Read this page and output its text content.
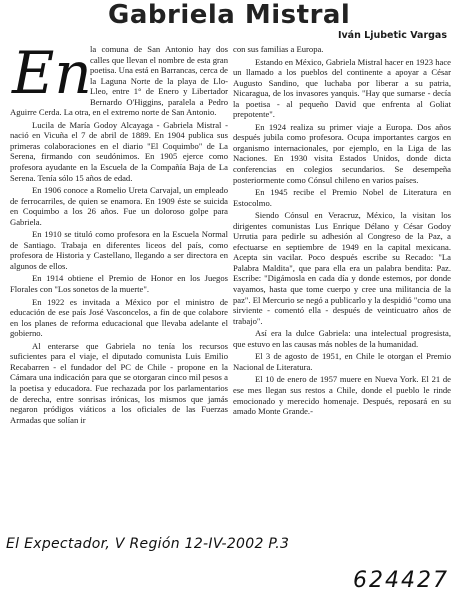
Gabriela Mistral
Iván Ljubetic Vargas
En

la comuna de San Antonio hay dos calles que llevan el nombre de esta gran poetisa. Una está en Barrancas, cerca de la Laguna Norte de la playa de Llo-Lleo, entre 1° de Enero y Libertador Bernardo O'Higgins, paralela a Pedro Aguirre Cerda. La otra, en el extremo norte de San Antonio.

Lucila de María Godoy Alcayaga - Gabriela Mistral - nació en Vicuña el 7 de abril de 1889. En 1904 publica sus primeras colaboraciones en el diario "El Coquimbo" de La Serena, firmando con seudónimos. En 1905 ejerce como profesora ayudante en la Escuela de la Compañía Baja de La Serena. Tenía sólo 15 años de edad.

En 1906 conoce a Romelio Ureta Carvajal, un empleado de ferrocarriles, de quien se enamora. En 1909 éste se suicida en Coquimbo a los 26 años. Fue un doloroso golpe para Gabriela.

En 1910 se tituló como profesora en la Escuela Normal de Santiago. Trabaja en diferentes liceos del país, como profesora de Historia y Castellano, llegando a ser directora en algunos de ellos.

En 1914 obtiene el Premio de Honor en los Juegos Florales con "Los sonetos de la muerte".

En 1922 es invitada a México por el ministro de educación de ese país José Vasconcelos, a fin de que colabore en los planes de reforma educacional que llevaba adelante el gobierno.

Al enterarse que Gabriela no tenía los recursos suficientes para el viaje, el diputado comunista Luis Emilio Recabarren - el fundador del PC de Chile - propone en la Cámara una indicación para que se otorgaran cinco mil pesos a la poetisa y educadora. Fue rechazada por los parlamentarios de derecha, entre sonrisas irónicas, los mismos que jamás negaron pródigos viáticos a los oficiales de las Fuerzas Armadas que solían ir

con sus familias a Europa.

Estando en México, Gabriela Mistral hacer en 1923 hace un llamado a los pueblos del continente a apoyar a César Augusto Sandino, que luchaba por liberar a su patria, Nicaragua, de los invasores yanquis. "Hay que sumarse - decía la poetisa - al pequeño David que enfrenta al Goliat prepotente".

En 1924 realiza su primer viaje a Europa. Dos años después jubila como profesora. Ocupa importantes cargos en organismo internacionales, por ejemplo, en la Liga de las Naciones. En 1930 visita Estados Unidos, donde dicta conferencias en colegios secundarios. Se desempeña posteriormente como Cónsul chileno en varios países.

En 1945 recibe el Premio Nobel de Literatura en Estocolmo.

Siendo Cónsul en Veracruz, México, la visitan los dirigentes comunistas Lus Enrique Délano y César Godoy Urrutia para pedirle su adhesión al Congreso de la Paz, a efectuarse en septiembre de 1949 en la capital mexicana. Acepta sin vacilar. Poco después escribe su Recado: "La Palabra Maldita", que para ella era un palabra bendita: Paz. Escribe: "Digámosla en cada día y donde estemos, por donde vayamos, hasta que tome cuerpo y cree una militancia de la paz". El Mercurio se negó a publicarlo y la despidió "como una sirviente - comentó ella - después de veinticuatro años de trabajo".

Así era la dulce Gabriela: una intelectual progresista, que estuvo en las causas más nobles de la humanidad.

El 3 de agosto de 1951, en Chile le otorgan el Premio Nacional de Literatura.

El 10 de enero de 1957 muere en Nueva York. El 21 de ese mes llegan sus restos a Chile, donde el pueblo le rinde emocionado y merecido homenaje. Después, reposará en su amado Monte Grande.-

El Expectador, V Región 12-IV-2002 P.3
624427
